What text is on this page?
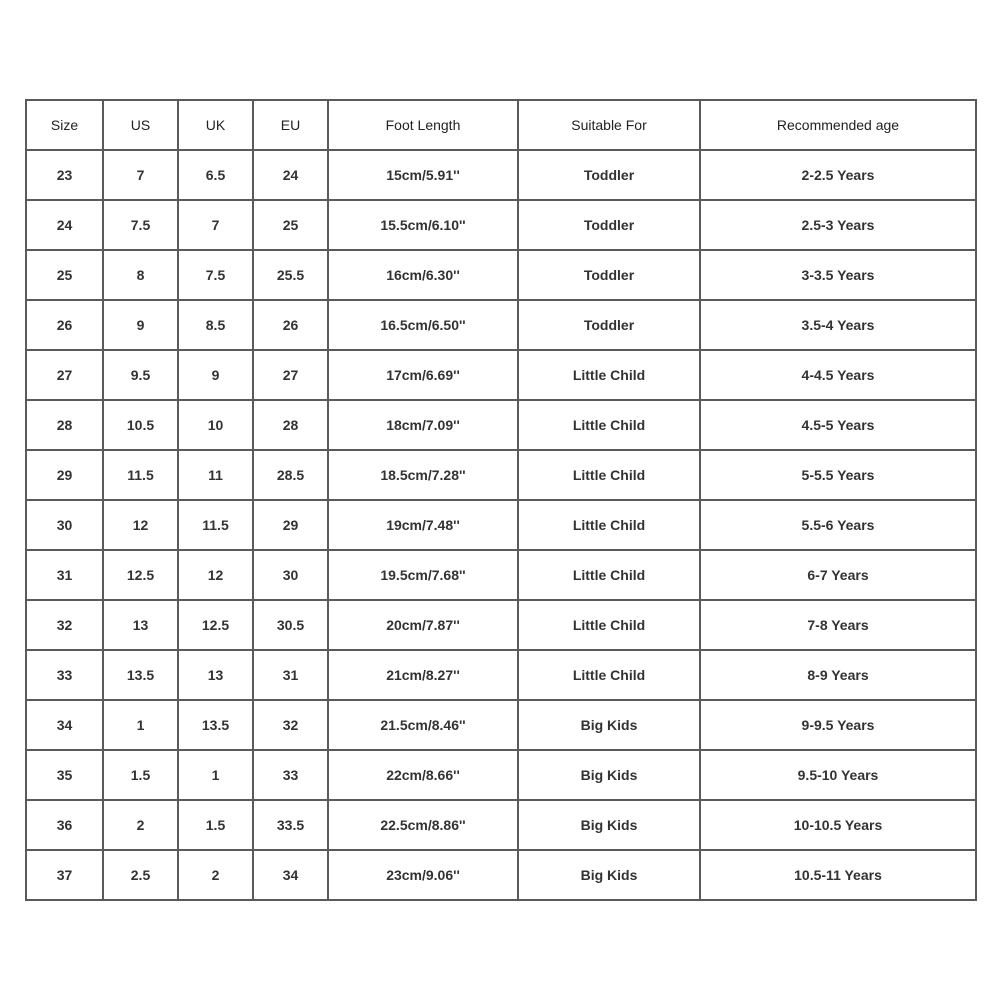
Size	US	UK	EU	Foot Length	Suitable For	Recommended age
23	7	6.5	24	15cm/5.91''	Toddler	2-2.5 Years
24	7.5	7	25	15.5cm/6.10''	Toddler	2.5-3 Years
25	8	7.5	25.5	16cm/6.30''	Toddler	3-3.5 Years
26	9	8.5	26	16.5cm/6.50''	Toddler	3.5-4 Years
27	9.5	9	27	17cm/6.69''	Little Child	4-4.5 Years
28	10.5	10	28	18cm/7.09''	Little Child	4.5-5 Years
29	11.5	11	28.5	18.5cm/7.28''	Little Child	5-5.5 Years
30	12	11.5	29	19cm/7.48''	Little Child	5.5-6 Years
31	12.5	12	30	19.5cm/7.68''	Little Child	6-7 Years
32	13	12.5	30.5	20cm/7.87''	Little Child	7-8 Years
33	13.5	13	31	21cm/8.27''	Little Child	8-9 Years
34	1	13.5	32	21.5cm/8.46''	Big Kids	9-9.5 Years
35	1.5	1	33	22cm/8.66''	Big Kids	9.5-10 Years
36	2	1.5	33.5	22.5cm/8.86''	Big Kids	10-10.5 Years
37	2.5	2	34	23cm/9.06''	Big Kids	10.5-11 Years
